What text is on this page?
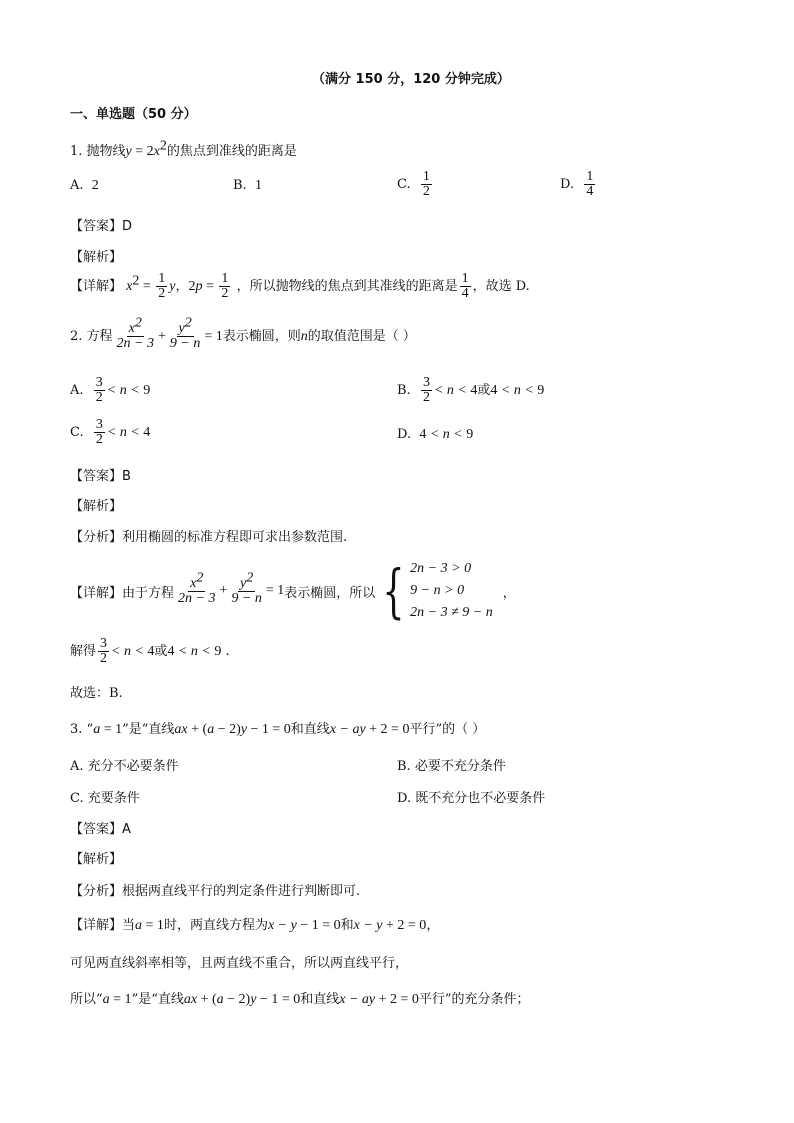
（满分 150 分，120 分钟完成）
一、单选题（50 分）
1. 抛物线$y = 2x^2$的焦点到准线的距离是
A. 2	B. 1	C. $\frac{1}{2}$	D. $\frac{1}{4}$
【答案】D
【解析】
【详解】 $x^2 = \frac{1}{2}$ y，$2p = \frac{1}{2}$ ，所以抛物线的焦点到其准线的距离是 $\frac{1}{4}$ ，故选 D.
2. 方程 $\frac{x^2}{2n - 3} + \frac{y^2}{9 - n} = 1$表示椭圆，则n的取值范围是（ ）
A. $\frac{3}{2} < n < 9$	B. $\frac{3}{2} < n < 4$或4 < n < 9
C. $\frac{3}{2} < n < 4$	D. 4 < n < 9
【答案】B
【解析】
【分析】利用椭圆的标准方程即可求出参数范围.
【详解】 由于方程 $\frac{x^2}{2n - 3} + \frac{y^2}{9 - n} = 1$ 表示椭圆，所以 { 2n − 3 > 0
9 − n > 0
2n − 3 ≠ 9 − n
，
解得 $\frac{3}{2} < n < 4$或4 < n < 9 .
故选：B.
3. “a = 1”是“直线ax + (a − 2)y − 1 = 0和直线x − ay + 2 = 0平行”的（ ）
A. 充分不必要条件	B. 必要不充分条件
C. 充要条件	D. 既不充分也不必要条件
【答案】A
【解析】
【分析】根据两直线平行的判定条件进行判断即可.
【详解】当a = 1时，两直线方程为x − y − 1 = 0和x − y + 2 = 0，
可见两直线斜率相等，且两直线不重合，所以两直线平行，
所以“a = 1”是“直线ax + (a − 2)y − 1 = 0和直线x − ay + 2 = 0平行”的充分条件；
